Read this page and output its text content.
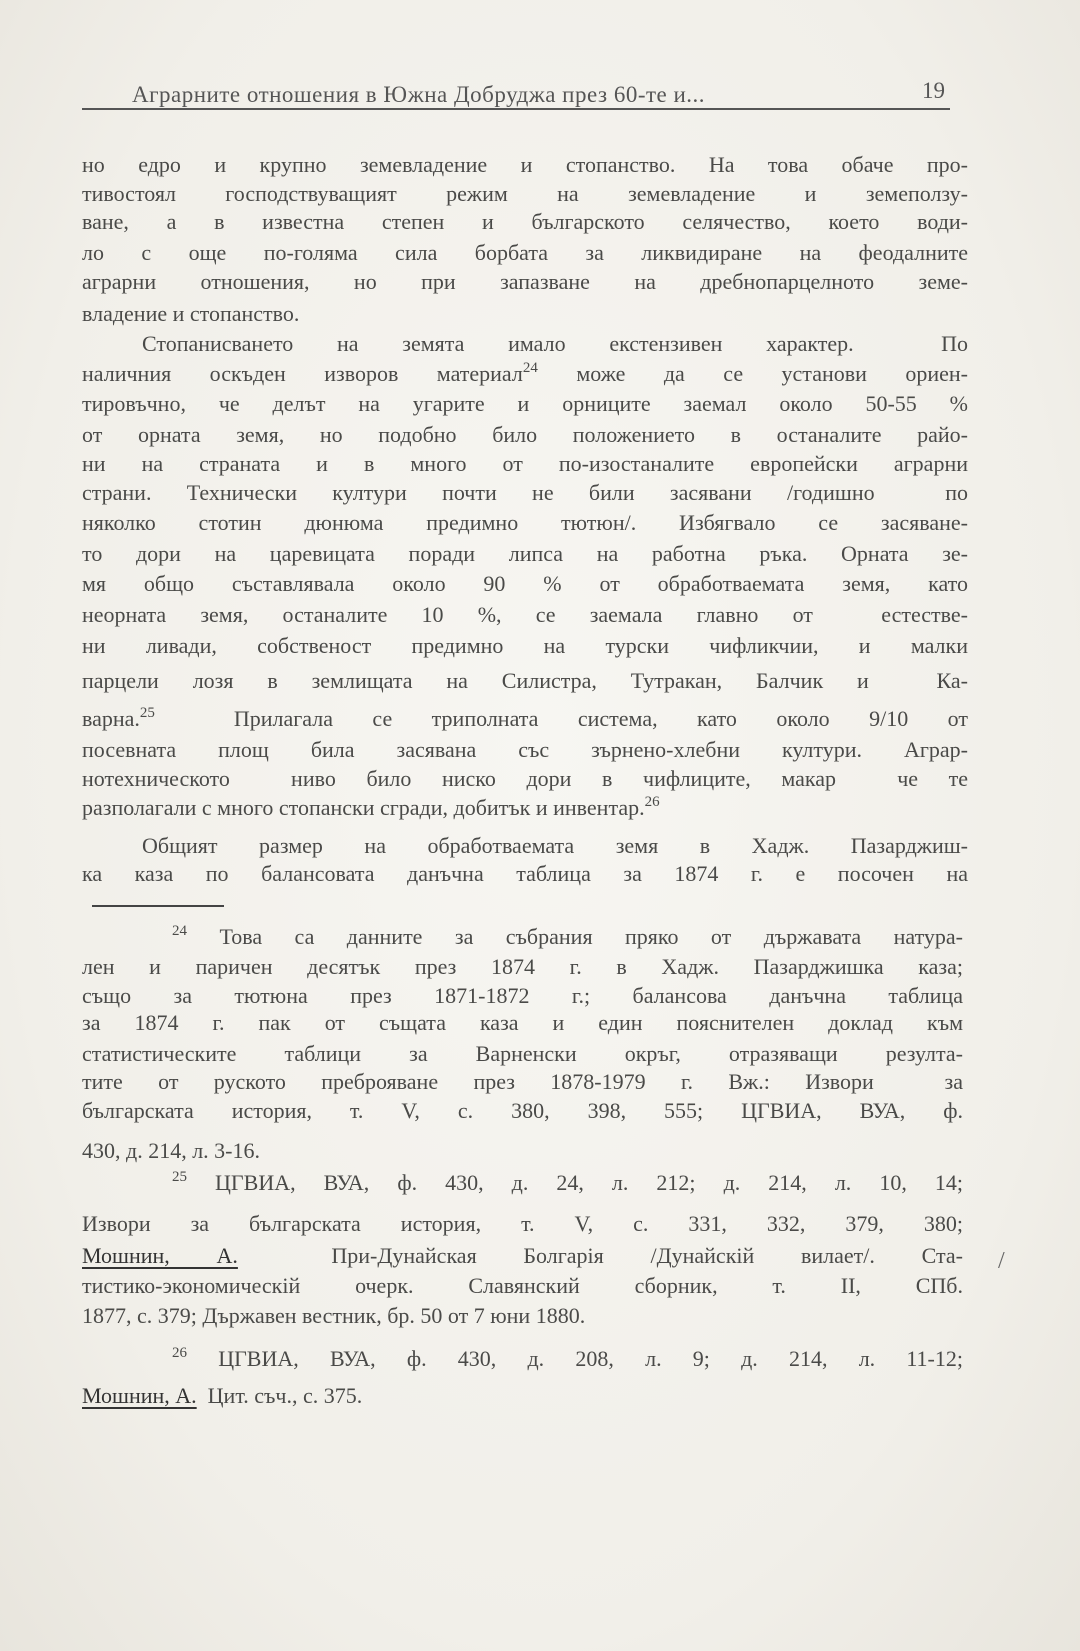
Аграрните отношения в Южна Добруджа през 60-те и...	19
но едро и крупно земевладение и стопанство. На това обаче про-
тивостоял господствуващият режим на земевладение и земеползу-
ване, а в известна степен и българското селячество, което води-
ло с още по-голяма сила борбата за ликвидиране на феодалните
аграрни отношения, но при запазване на дребнопарцелното земе-
владение и стопанство.
Стопанисването на земята имало екстензивен характер.  По
наличния оскъден изворов материал$^{24}$ може да се установи ориен-
тировъчно, че делът на угарите и орниците заемал около 50-55 %
от орната земя, но подобно било положението в останалите райо-
ни на страната и в много от по-изостаналите европейски аграрни
страни. Технически култури почти не били засявани /годишно  по
няколко стотин дюнюма предимно тютюн/. Избягвало се засяване-
то дори на царевицата поради липса на работна ръка. Орната зе-
мя общо съставлявала около 90 % от обработваемата земя, като
неорната земя, останалите 10 %, се заемала главно от  естестве-
ни ливади, собственост предимно на турски чифликчии, и малки
парцели лозя в землищата на Силистра, Тутракан, Балчик и  Ка-
варна.$^{25}$  Прилагала се триполната система, като около 9/10 от
посевната площ била засявана със зърнено-хлебни култури. Аграр-
нотехническото  ниво било ниско дори в чифлиците, макар  че те
разполагали с много стопански сгради, добитък и инвентар.$^{26}$
Общият размер на обработваемата земя в Хадж. Пазарджиш-
ка каза по балансовата данъчна таблица за 1874 г. е посочен на
$^{24}$ Това са данните за събрания пряко от държавата натура-
лен и паричен десятък през 1874 г. в Хадж. Пазарджишка каза;
също за тютюна през 1871-1872 г.; балансова данъчна таблица
за 1874 г. пак от същата каза и един пояснителен доклад към
статистическите таблици за Варненски окръг, отразяващи резулта-
тите от руското преброяване през 1878-1979 г. Вж.: Извори  за
българската история, т. V, с. 380, 398, 555; ЦГВИА, ВУА, ф.
430, д. 214, л. 3-16.
$^{25}$ ЦГВИА, ВУА, ф. 430, д. 24, л. 212; д. 214, л. 10, 14;
Извори за българската история, т. V, с. 331, 332, 379, 380;
Мошнин, А.  При-Дунайская Болгарiя /Дунайскiй вилает/. Ста-
тистико-экономическiй очерк. Славянский сборник, т. II, СПб.
1877, с. 379; Държавен вестник, бр. 50 от 7 юни 1880.
$^{26}$ ЦГВИА, ВУА, ф. 430, д. 208, л. 9; д. 214, л. 11-12;
Мошнин, А.  Цит. съч., с. 375.
/
